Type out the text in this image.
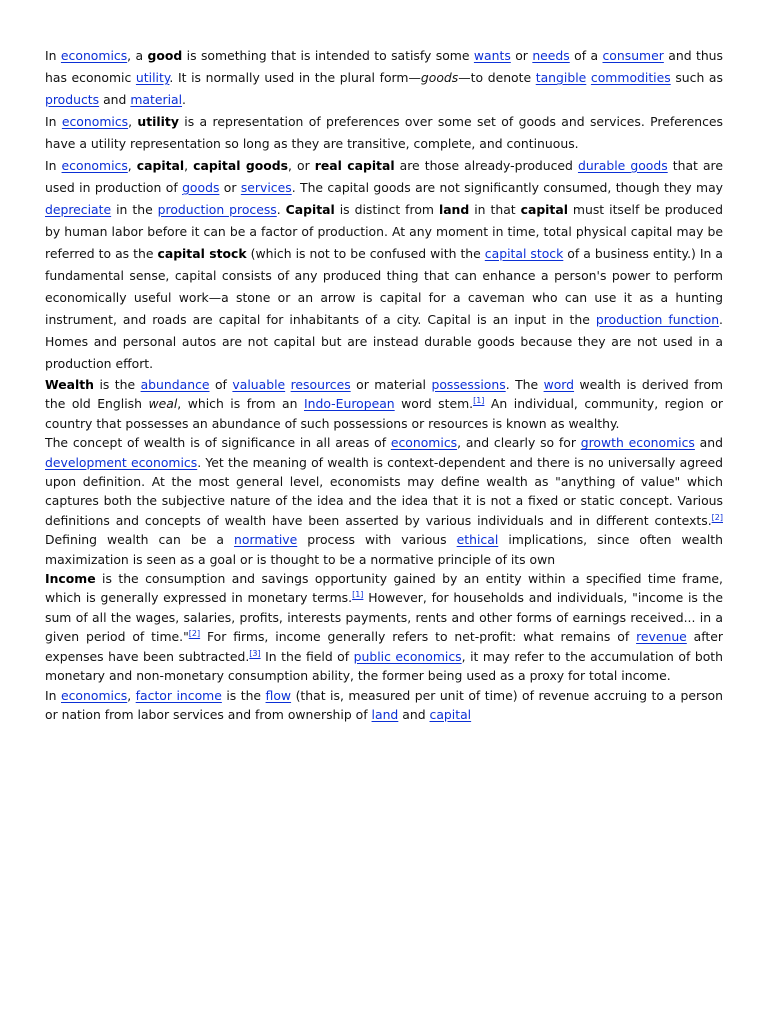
In economics, a good is something that is intended to satisfy some wants or needs of a consumer and thus has economic utility. It is normally used in the plural form—goods—to denote tangible commodities such as products and material.

In economics, utility is a representation of preferences over some set of goods and services. Preferences have a utility representation so long as they are transitive, complete, and continuous.

In economics, capital, capital goods, or real capital are those already-produced durable goods that are used in production of goods or services. The capital goods are not significantly consumed, though they may depreciate in the production process. Capital is distinct from land in that capital must itself be produced by human labor before it can be a factor of production. At any moment in time, total physical capital may be referred to as the capital stock (which is not to be confused with the capital stock of a business entity.) In a fundamental sense, capital consists of any produced thing that can enhance a person's power to perform economically useful work—a stone or an arrow is capital for a caveman who can use it as a hunting instrument, and roads are capital for inhabitants of a city. Capital is an input in the production function. Homes and personal autos are not capital but are instead durable goods because they are not used in a production effort.

Wealth is the abundance of valuable resources or material possessions. The word wealth is derived from the old English weal, which is from an Indo-European word stem.[1] An individual, community, region or country that possesses an abundance of such possessions or resources is known as wealthy.

The concept of wealth is of significance in all areas of economics, and clearly so for growth economics and development economics. Yet the meaning of wealth is context-dependent and there is no universally agreed upon definition. At the most general level, economists may define wealth as "anything of value" which captures both the subjective nature of the idea and the idea that it is not a fixed or static concept. Various definitions and concepts of wealth have been asserted by various individuals and in different contexts.[2] Defining wealth can be a normative process with various ethical implications, since often wealth maximization is seen as a goal or is thought to be a normative principle of its own

Income is the consumption and savings opportunity gained by an entity within a specified time frame, which is generally expressed in monetary terms.[1] However, for households and individuals, "income is the sum of all the wages, salaries, profits, interests payments, rents and other forms of earnings received... in a given period of time."[2] For firms, income generally refers to net-profit: what remains of revenue after expenses have been subtracted.[3] In the field of public economics, it may refer to the accumulation of both monetary and non-monetary consumption ability, the former being used as a proxy for total income.

In economics, factor income is the flow (that is, measured per unit of time) of revenue accruing to a person or nation from labor services and from ownership of land and capital
